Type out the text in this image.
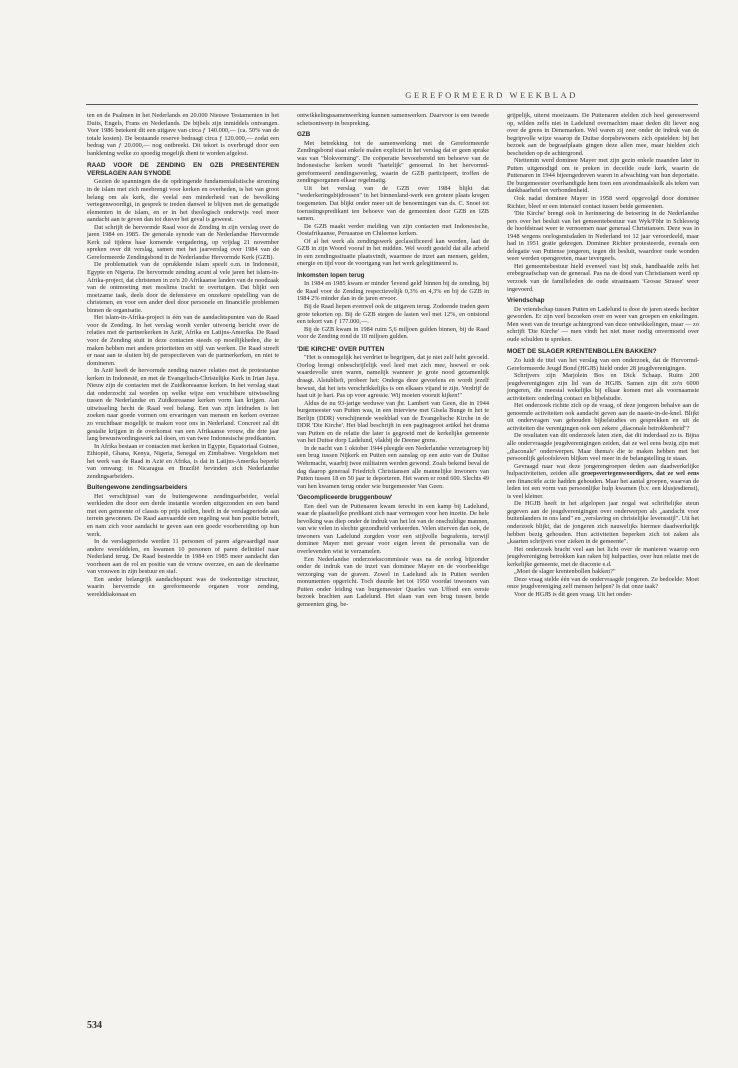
GEREFORMEERD WEEKBLAD

ten en de Psalmen in het Nederlands en 20.000 Nieuwe Testamenten in het Duits, Engels, Frans en Nederlands. De bijbels zijn inmiddels ontvangen. Voor 1986 betekent dit een uitgave van circa ƒ 140.000,— (ca. 50% van de totale kosten). De bestaande reserve bedraagt circa ƒ 120.000,— zodat een bedrag van ƒ 20.000,— nog ontbreekt. Dit tekort is overbrugd door een banklening welke zo spoedig mogelijk dient te worden afgelost.

RAAD VOOR DE ZENDING EN GZB PRESENTEREN VERSLAGEN AAN SYNODE

Gezien de spanningen die de opdringende fundamentalistische stroming in de islam met zich meebrengt voor kerken en overheden, is het van groot belang om als kerk, die veelal een minderheid van de bevolking vertegenwoordigt, in gesprek te treden danwel te blijven met de gematigde elementen in de islam, en er in het theologisch onderwijs veel meer aandacht aan te geven dan tot dusver het geval is geweest.

Dat schrijft de hervormde Raad voor de Zending in zijn verslag over de jaren 1984 en 1985. De generale synode van de Nederlandse Hervormde Kerk zal tijdens haar komende vergadering, op vrijdag 21 november spreken over dit verslag, samen met het jaarverslag over 1984 van de Gereformeerde Zendingsbond in de Nederlandse Hervormde Kerk (GZB).

De problematiek van de oprukkende islam speelt o.m. in Indonesië, Egypte en Nigeria. De hervormde zending acunt al vele jaren het islam-in-Afrika-project, dat christenen in zo'n 20 Afrikaanse landen van de noodzaak van de ontmoeting met moslims tracht te overtuigen. Dat blijkt een moeizame taak, deels door de defensieve en onzekere opstelling van de christenen, en voor een ander deel door personele en financiële problemen binnen de organisatie.

Het islam-in-Afrika-project is één van de aandachtspunten van de Raad voor de Zending. In het verslag wordt verder uitvoerig bericht over de relaties met de partnerkerken in Azië, Afrika en Latijns-Amerika. De Raad voor de Zending stuit in deze contacten steeds op moeilijkheden, die te maken hebben met andere prioriteiten en stijl van werken. De Raad streeft er naar aan te sluiten bij de perspectieven van de partnerkerken, en niet te domineren.

In Azië heeft de hervormde zending nauwe relaties met de protestantse kerken in Indonesië, en met de Evangelisch-Christelijke Kerk in Irian Jaya. Nieuw zijn de contacten met de Zuidkoreaanse kerken. In het verslag staat dat onderzocht zal worden op welke wijze een vruchtbare uitwisseling tussen de Nederlandse en Zuidkoreaanse kerken vorm kan krijgen. Aan uitwisseling hecht de Raad veel belang. Een van zijn leidraden is het zoeken naar goede vormen om ervaringen van mensen en kerken overzee zo vruchtbaar mogelijk te maken voor ons in Nederland. Concreet zal dit gestalte krijgen in de overkomst van een Afrikaanse vrouw, die drie jaar lang bewustwordingswerk zal doen, en van twee Indonesische predikanten.

In Afrika bestaan er contacten met kerken in Egypte, Equatoriaal Guinee, Ethiopië, Ghana, Kenya, Nigeria, Senegal en Zimbabwe. Vergeleken met het werk van de Raad in Azië en Afrika, is dat in Latijns-Amerika beperkt van omvang: in Nicaragua en Brazilië bevinden zich Nederlandse zendingsarbeiders.

Buitengewone zendingsarbeiders

Het verschijnsel van de buitengewone zendingsarbeider, veelal werkleden die door een derde instantie worden uitgezonden en een band met een gemeente of classis op prijs stellen, heeft in de verslagperiode aan terrein gewonnen. De Raad aanvaardde een regeling wat hun positie betreft, en nam zich voor aandacht te geven aan een goede voorbereiding op hun werk.

In de verslagperiode werden 11 personen of paren afgevaardigd naar andere werelddelen, en kwamen 10 personen of paren definitief naar Nederland terug. De Raad besteedde in 1984 en 1985 meer aandacht dan voorheen aan de rol en positie van de vrouw overzee, en aan de deelname van vrouwen in zijn bestuur en staf.

Een ander belangrijk aandachtspunt was de toekomstige structuur, waarin hervormde en gereformeerde organen voor zending, werelddiakonaat en

ontwikkelingssamenwerking kunnen samenwerken. Daarvoor is een tweede schetsontwerp in bespreking.

GZB

Met betrekking tot de samenwerking met de Gereformeerde Zendingsbond staat enkele malen expliciet in het verslag dat er geen sprake was van "blokvorming". De coöperatie bevoorbereid ten behoeve van de Indonesische kerken wordt "hartelijk" genoemd. In het hervormd-gereformeerd zendingsoverleg, waarin de GZB participeert, troffen de zendingsorganen elkaar regelmatig.

Uit het verslag van de GZB over 1984 blijkt dat "wederkeringsbijdrossen" in het binnenland-werk een grotere plaats kregen toegemeten. Dat blijkt onder meer uit de benoemingen van ds. C. Snoei tot toerustingspredikant ten behoeve van de gemeenten door GZB en IZB samen.

De GZB maakt verder melding van zijn contacten met Indonesische, Oostafrikaanse, Peruaanse en Chileense kerken.

Of al het werk als zendingswerk geclassificeerd kan worden, laat de GZB in zijn Woord vooraf in het midden. Wel wordt gesteld dat alle arbeid in een zendingssituatie plaatsvindt, waarmee de inzet aan mensen, gelden, energie en tijd voor de voortgang van het werk gelegitimeerd is.

Inkomsten lopen terug

In 1984 en 1985 kwam er minder 'levend geld' binnen bij de zending, bij de Raad voor de Zending respectievelijk 0,3% en 4,3% en bij de GZB in 1984 2% minder dan in de jaren ervoor.

Bij de Raad liepen evenwel ook de uitgaven terug. Zodoende traden geen grote tekorten op. Bij de GZB stegen de lasten wel met 12%, en ontstond een tekort van ƒ 177.000,—.

Bij de GZB kwam in 1984 ruim 5,6 miljoen gulden binnen, bij de Raad voor de Zending rond de 10 miljoen gulden.

'DIE KIRCHE' OVER PUTTEN

"Het is onmogelijk het verdriet te begrijpen, dat je niet zelf hebt gevoeld. Oorlog brengt onbeschrijfelijk veel leed met zich mee, hoewel er ook waardevolle uren waren, namelijk wanneer je grote nood gezamenlijk draagt. Alstublieft, probeer het: Onderga deze gevoelens en wordt jezelf bewust, dat het iets verschrikkelijks is om elkaars vijand te zijn. Verdrijf de haat uit je hart. Pas op voor agressie. Wij moeten vooruit kijken!"

Aldus de nu 93-jarige weduwe van jhr. Lambert van Geen, die in 1944 burgemeester van Putten was, in een interview met Gisela Bunge in het te Berlijn (DDR) verschijnende weekblad van de Evangelische Kirche in de DDR 'Die Kirche'. Het blad beschrijft in een paginagroot artikel het drama van Putten en de relatie die later is gegroeid met de kerkelijke gemeente van het Duitse dorp Ladelund, vlakbij de Deense grens.

In de nacht van 1 oktober 1944 pleegde een Nederlandse verzetsgroep bij een brug tussen Nijkerk en Putten een aanslag op een auto van de Duitse Wehrmacht, waarbij twee militairen werden gewond. Zoals bekend beval de dag daarop generaal Friedrich Christiansen alle mannelijke inwoners van Putten tussen 18 en 50 jaar te deporteren. Het waren er rond 600. Slechts 49 van hen kwamen terug onder wie burgemeester Van Geen.

'Gecompliceerde bruggenbouw'

Een deel van de Puttenaren kwam terecht in een kamp bij Ladelund, waar de plaatselijke predikant zich naar vermogen voor hen inzette. De hele bevolking was diep onder de indruk van het lot van de onschuldige mannen, van wie velen in slechte gezondheid verkeerden. Velen stierven dan ook, de inwoners van Ladelund zorgden voor een stijlvolle begrafenis, terwijl dominee Mayer met gevaar voor eigen leven de personalia van de overlevenden wist te verzamelen.

Een Nederlandse onderzoekscommissie was na de oorlog bijzonder onder de indruk van de inzet van dominee Mayer en de voorbeeldige verzorging van de graven. Zowel in Ladelund als in Putten werden monumenten opgericht. Toch duurde het tot 1950 voordat inwoners van Putten onder leiding van burgemeester Quarles van Ufford een eerste bezoek brachten aan Ladelund. Het slaan van een brug tussen beide gemeenten ging, be-

grijpelijk, uiterst moeizaam. De Puttenaren stelden zich heel gereserveerd op, wilden zelfs niet in Ladelund overnachten maar deden dit liever nog over de grens in Denemarken. Wel waren zij zeer onder de indruk van de begripvolle wijze waarop de Duitse dorpsbewoners zich opstelden: bij het bezoek aan de begraafplaats gingen deze allen mee, maar hielden zich bescheiden op de achtergrond.

Niettemin werd dominee Mayer met zijn gezin enkele maanden later in Putten uitgenodigd om te preken in deceilde oude kerk, waarin de Puttenaren in 1944 bijeengedreven waren in afwachting van hun deportatie. De burgemeester overhandigde hem toen een avondmaalskelk als teken van dankbaarheid en verbondenheid.

Ook nadat dominee Mayer in 1958 werd opgevolgd door dominee Richter, bleef er een intensief contact tussen beide gemeenten.

'Die Kirche' brengt ook in herinnering de betoering in de Nederlandse pers over het besluit van het gemeentebestuur van Wyk/Föhr in Schleswig de hoofdstraat weer te vernoemen naar generaal Christiansen. Deze was in 1948 wegens oorlogsmisdaden in Nederland tot 12 jaar veroordeeld, maar had in 1951 gratie gekregen. Dominee Richter protesteerde, evenals een delegatie van Puttense jongeren, tegen dit besluit, waardoor oude wonden weer werden opengereten, maar tevergeefs.

Het gemeentebestuur hield evenwel vast bij stuk, handhaafde zelfs het erebegraafschap van de generaal. Pas na de dood van Christiansen werd op verzoek van de familieleden de oude straatnaam 'Grosse Strasse' weer ingevoerd.

Vriendschap

De vriendschap tussen Putten en Ladelund is door de jaren steeds hechter geworden. Er zijn veel bezoeken over en weer van groepen en enkelingen. Men weet van de treurige achtergrond van deze ontwikkelingen, maar — zo schrijft 'Die Kirche' — men vindt het niet meer nodig onvermoeid over oude schulden te spreken.

MOET DE SLAGER KRENTENBOLLEN BAKKEN?

Zo luidt de titel van het verslag van een onderzoek, dat de Hervormd-Gereformeerde Jeugd Bond (HGJB) hield onder 28 jeugdverenigingen.

Schrijvers zijn Marjolein Bos en Dick Schaap. Ruim 200 jeugdverenigingen zijn lid van de HGJB. Samen zijn dit zo'n 6000 jongeren, die meestal wekelijks bij elkaar komen met als voornaamste activiteiten: onderling contact en bijbelstudie.

Het onderzoek richtte zich op de vraag, of deze jongeren behalve aan de genoemde activiteiten ook aandacht geven aan de naaste-in-de-knel. Blijkt uit ondervragen van gehouden bijbelstudies en gesprekken en uit de activiteiten die verenigingen ook een zekere „diaconale betrokkenheid"?

De resultaten van dit onderzoek laten zien, dat dit inderdaad zo is. Bijna alle ondervraagde jeugdverenigingen zeiden, dat ze wel eens bezig zijn met „diaconale" onderwerpen. Maar thema's die te maken hebben met het persoonlijk geloofsleven blijken veel meer in de belangstelling te staan.

Gevraagd naar wat deze jongerengroepen deden aan daadwerkelijke hulpactiviteiten, zeiden alle groepsvertegenwoordigers, dat ze wel eens een financiële actie hadden gehouden. Maar het aantal groepen, waarvan de leden tot een vorm van persoonlijke hulp kwamen (b.v. een klusjesdienst), is veel kleiner.

De HGJB heeft in het afgelopen jaar nogal wat schriftelijke steun gegeven aan de jeugdverenigingen over onderwerpen als „aandacht voor buitenlanders in ons land" en „verslaving en christelijke levensstijl". Uit het onderzoek blijkt, dat de jongeren zich nauwelijks hiermee daadwerkelijk hebben bezig gehouden. Hun activiteiten beperken zich tot zaken als „kaarten schrijven voor zieken in de gemeente".

Het onderzoek bracht veel aan het licht over de manieren waarop een jeugdvereniging betrokken kan raken bij hulpacties, over hun relatie met de kerkelijke gemeente, met de diaconie e.d.

„Moet de slager krentenbollen bakken?"

Deze vraag stelde één van de ondervraagde jongeren. Ze bedoelde: Moet onze jeugdvereniging zelf mensen helpen? Is dat onze taak?

Voor de HGJB is dit geen vraag. Uit het onder-

534
